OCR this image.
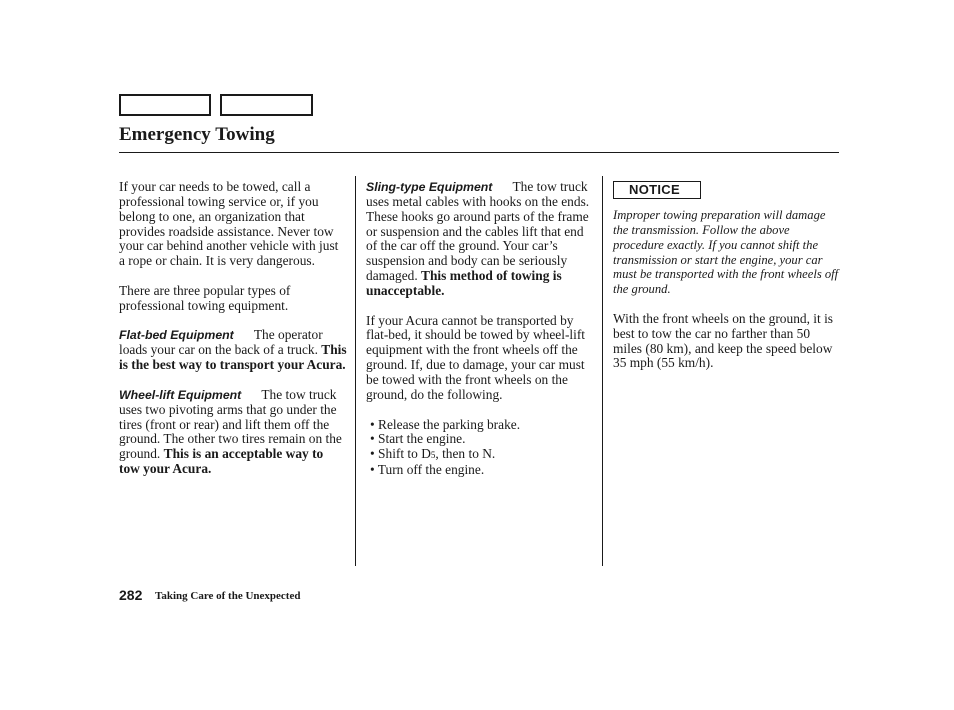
Emergency Towing

If your car needs to be towed, call a professional towing service or, if you belong to one, an organization that provides roadside assistance. Never tow your car behind another vehicle with just a rope or chain. It is very dangerous.

There are three popular types of professional towing equipment.

Flat-bed Equipment The operator loads your car on the back of a truck. This is the best way to transport your Acura.

Wheel-lift Equipment The tow truck uses two pivoting arms that go under the tires (front or rear) and lift them off the ground. The other two tires remain on the ground. This is an acceptable way to tow your Acura.

Sling-type Equipment The tow truck uses metal cables with hooks on the ends. These hooks go around parts of the frame or suspension and the cables lift that end of the car off the ground. Your car’s suspension and body can be seriously damaged. This method of towing is unacceptable.

If your Acura cannot be transported by flat-bed, it should be towed by wheel-lift equipment with the front wheels off the ground. If, due to damage, your car must be towed with the front wheels on the ground, do the following.

• Release the parking brake.
• Start the engine.
• Shift to D5, then to N.
• Turn off the engine.
NOTICE

Improper towing preparation will damage the transmission. Follow the above procedure exactly. If you cannot shift the transmission or start the engine, your car must be transported with the front wheels off the ground.

With the front wheels on the ground, it is best to tow the car no farther than 50 miles (80 km), and keep the speed below 35 mph (55 km/h).

282 Taking Care of the Unexpected
